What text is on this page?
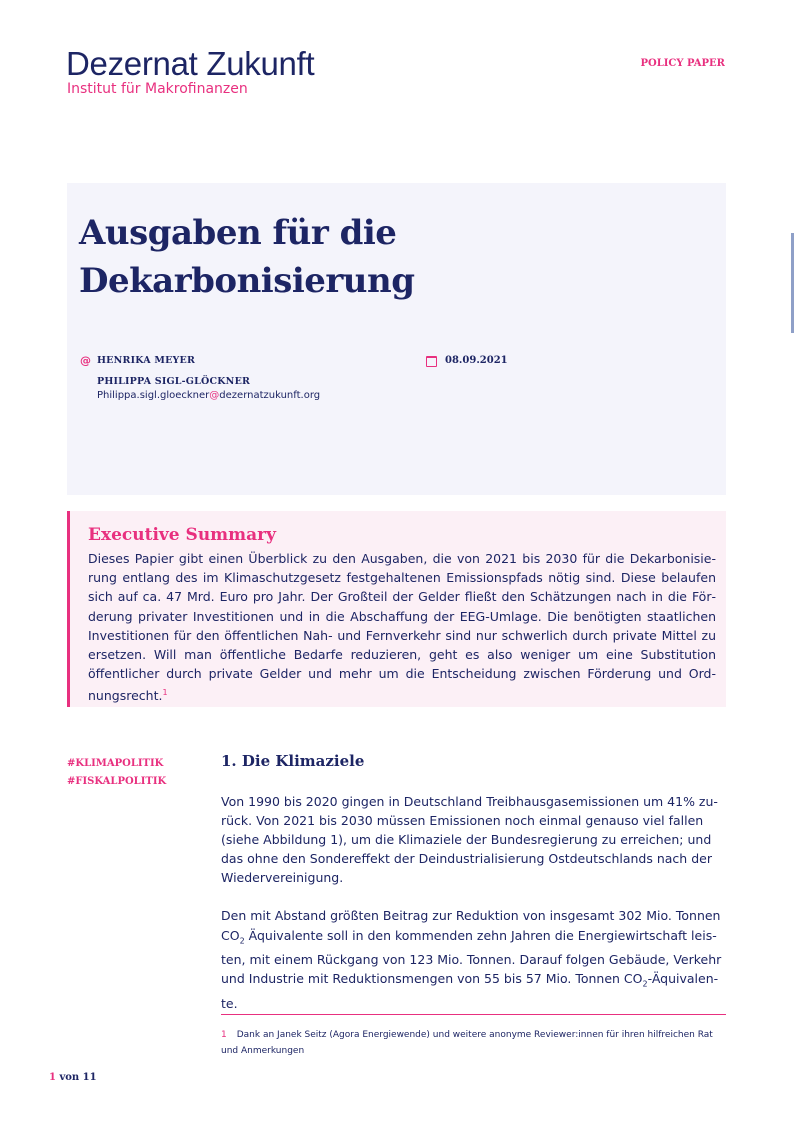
Dezernat Zukunft
Institut für Makrofinanzen
POLICY PAPER
Ausgaben für die
Dekarbonisierung
@ HENRIKA MEYER
PHILIPPA SIGL-GLÖCKNER
Philippa.sigl.gloeckner@dezernatzukunft.org
08.09.2021
Executive Summary
Dieses Papier gibt einen Überblick zu den Ausgaben, die von 2021 bis 2030 für die Dekarbonisierung entlang des im Klimaschutzgesetz festgehaltenen Emissionspfads nötig sind. Diese belaufen sich auf ca. 47 Mrd. Euro pro Jahr. Der Großteil der Gelder fließt den Schätzungen nach in die Förderung privater Investitionen und in die Abschaffung der EEG-Umlage. Die benötigten staatlichen Investitionen für den öffentlichen Nah- und Fernverkehr sind nur schwerlich durch private Mittel zu ersetzen. Will man öffentliche Bedarfe reduzieren, geht es also weniger um eine Substitution öffentlicher durch private Gelder und mehr um die Entscheidung zwischen Förderung und Ordnungsrecht.$^1$
#KLIMAPOLITIK
#FISKALPOLITIK
1. Die Klimaziele

Von 1990 bis 2020 gingen in Deutschland Treibhausgasemissionen um 41% zurück. Von 2021 bis 2030 müssen Emissionen noch einmal genauso viel fallen (siehe Abbildung 1), um die Klimaziele der Bundesregierung zu erreichen; und das ohne den Sondereffekt der Deindustrialisierung Ostdeutschlands nach der Wiedervereinigung.

Den mit Abstand größten Beitrag zur Reduktion von insgesamt 302 Mio. Tonnen $CO_2$ Äquivalente soll in den kommenden zehn Jahren die Energiewirtschaft leisten, mit einem Rückgang von 123 Mio. Tonnen. Darauf folgen Gebäude, Verkehr und Industrie mit Reduktionsmengen von 55 bis 57 Mio. Tonnen $CO_2$-Äquivalente.

1 Dank an Janek Seitz (Agora Energiewende) und weitere anonyme Reviewer:innen für ihren hilfreichen Rat und Anmerkungen
1 von 11
